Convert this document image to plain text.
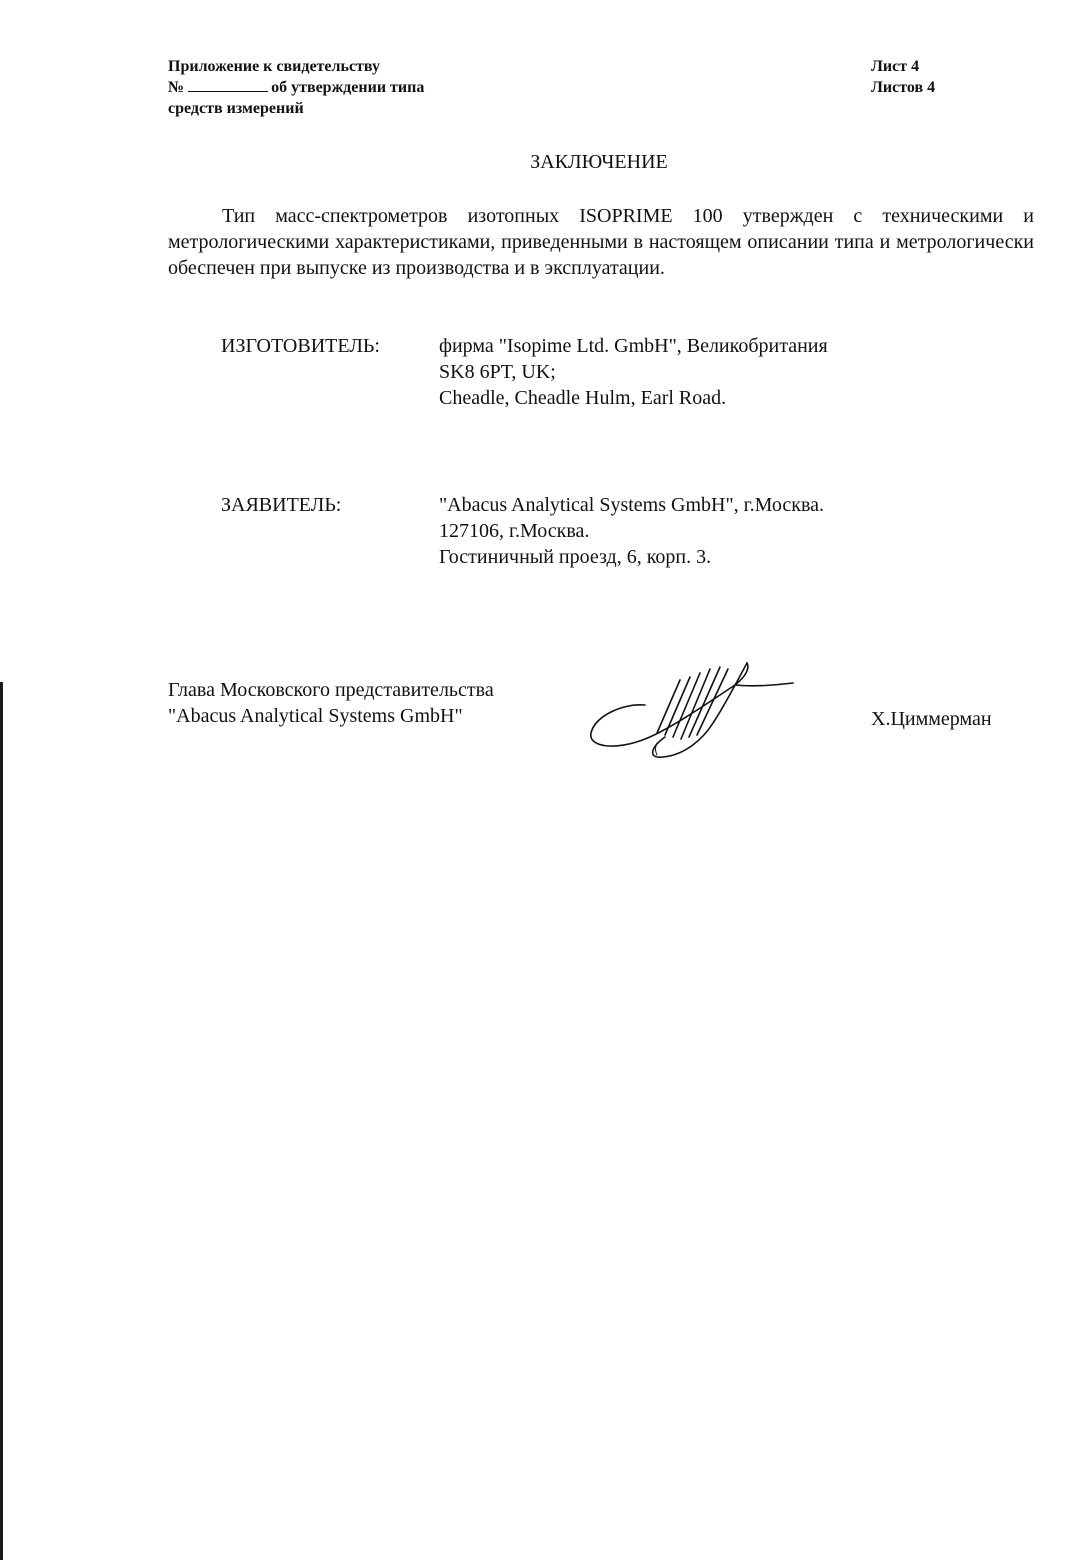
Приложение к свидетельству
№	об утверждении типа
средств измерений
Лист 4
Листов 4
ЗАКЛЮЧЕНИЕ

Тип масс-спектрометров изотопных ISOPRIME 100 утвержден с техническими и метрологическими характеристиками, приведенными в настоящем описании типа и метрологически обеспечен при выпуске из производства и в эксплуатации.

ИЗГОТОВИТЕЛЬ:	фирма "Isopime Ltd. GmbH", Великобритания
SK8 6PT, UK;
Cheadle, Cheadle Hulm, Earl Road.
ЗАЯВИТЕЛЬ:	"Abacus Analytical Systems GmbH", г.Москва.
127106, г.Москва.
Гостиничный проезд, 6, корп. 3.
Глава Московского представительства
"Abacus Analytical Systems GmbH"	Х.Циммерман
